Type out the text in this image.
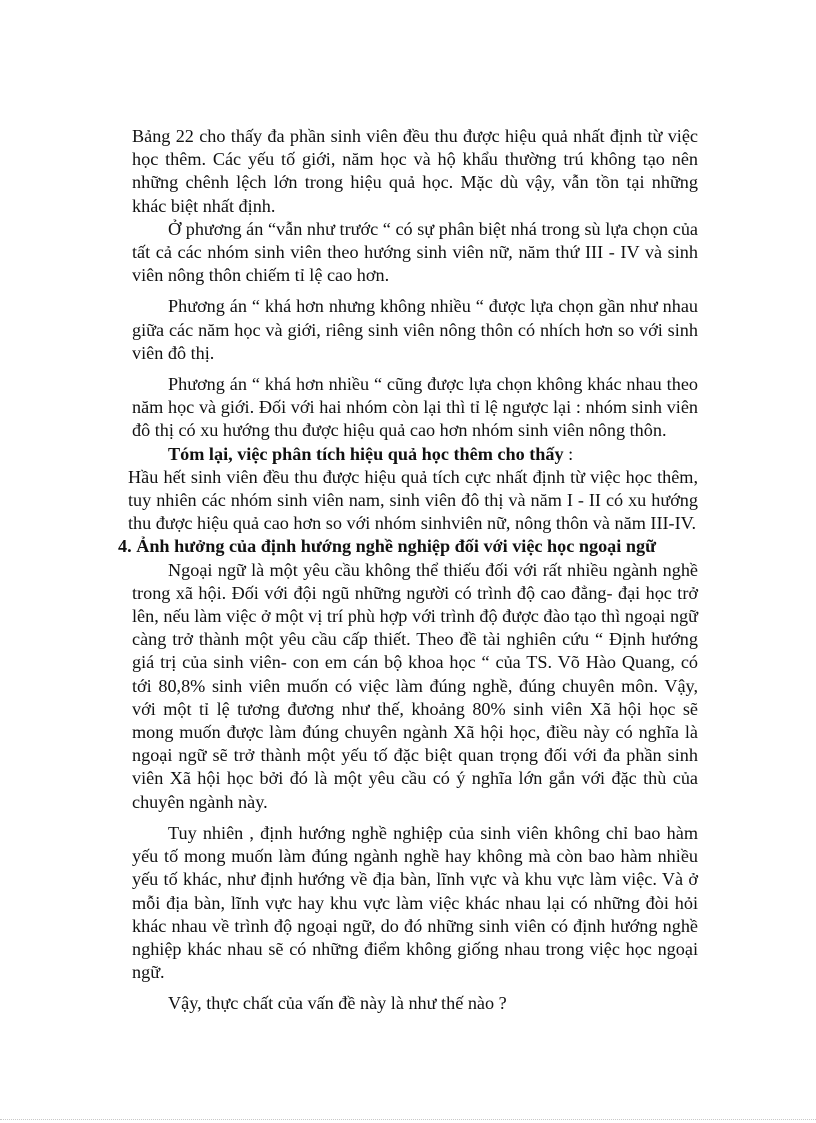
Bảng 22 cho thấy đa phần sinh viên đều thu được hiệu quả nhất định từ việc học thêm. Các yếu tố giới, năm học và hộ khẩu thường trú không tạo nên những chênh lệch lớn trong hiệu quả học. Mặc dù vậy, vẫn tồn tại những khác biệt nhất định.

Ở phương án “vẫn như trước “ có sự phân biệt nhá trong sù lựa chọn của tất cả các nhóm sinh viên theo hướng sinh viên nữ, năm thứ III - IV và sinh viên nông thôn chiếm tỉ lệ cao hơn.

Phương án “ khá hơn nhưng không nhiều “ được lựa chọn gần như nhau giữa các năm học và giới, riêng sinh viên nông thôn có nhích hơn so với sinh viên đô thị.

Phương án “ khá hơn nhiều “ cũng được lựa chọn không khác nhau theo năm học và giới. Đối với hai nhóm còn lại thì tỉ lệ ngược lại : nhóm sinh viên đô thị có xu hướng thu được hiệu quả cao hơn nhóm sinh viên nông thôn.

Tóm lại, việc phân tích hiệu quả học thêm cho thấy :

Hầu hết sinh viên đều thu được hiệu quả tích cực nhất định từ việc học thêm, tuy nhiên các nhóm sinh viên nam, sinh viên đô thị và năm I - II có xu hướng thu được hiệu quả cao hơn so với nhóm sinhviên nữ, nông thôn và năm III-IV.

4. Ảnh hưởng của định hướng nghề nghiệp đối với việc học ngoại ngữ

Ngoại ngữ là một yêu cầu không thể thiếu đối với rất nhiều ngành nghề trong xã hội. Đối với đội ngũ những người có trình độ cao đẳng- đại học trở lên, nếu làm việc ở một vị trí phù hợp với trình độ được đào tạo thì ngoại ngữ càng trở thành một yêu cầu cấp thiết. Theo đề tài nghiên cứu “ Định hướng giá trị của sinh viên- con em cán bộ khoa học “ của TS. Võ Hào Quang, có tới 80,8% sinh viên muốn có việc làm đúng nghề, đúng chuyên môn. Vậy, với một tỉ lệ tương đương như thế, khoảng 80% sinh viên Xã hội học sẽ mong muốn được làm đúng chuyên ngành Xã hội học, điều này có nghĩa là ngoại ngữ sẽ trở thành một yếu tố đặc biệt quan trọng đối với đa phần sinh viên Xã hội học bởi đó là một yêu cầu có ý nghĩa lớn gắn với đặc thù của chuyên ngành này.

Tuy nhiên , định hướng nghề nghiệp của sinh viên không chỉ bao hàm yếu tố mong muốn làm đúng ngành nghề hay không mà còn bao hàm nhiều yếu tố khác, như định hướng về địa bàn, lĩnh vực và khu vực làm việc. Và ở mỗi địa bàn, lĩnh vực hay khu vực làm việc khác nhau lại có những đòi hỏi khác nhau về trình độ ngoại ngữ, do đó những sinh viên có định hướng nghề nghiệp khác nhau sẽ có những điểm không giống nhau trong việc học ngoại ngữ.

Vậy, thực chất của vấn đề này là như thế nào ?
